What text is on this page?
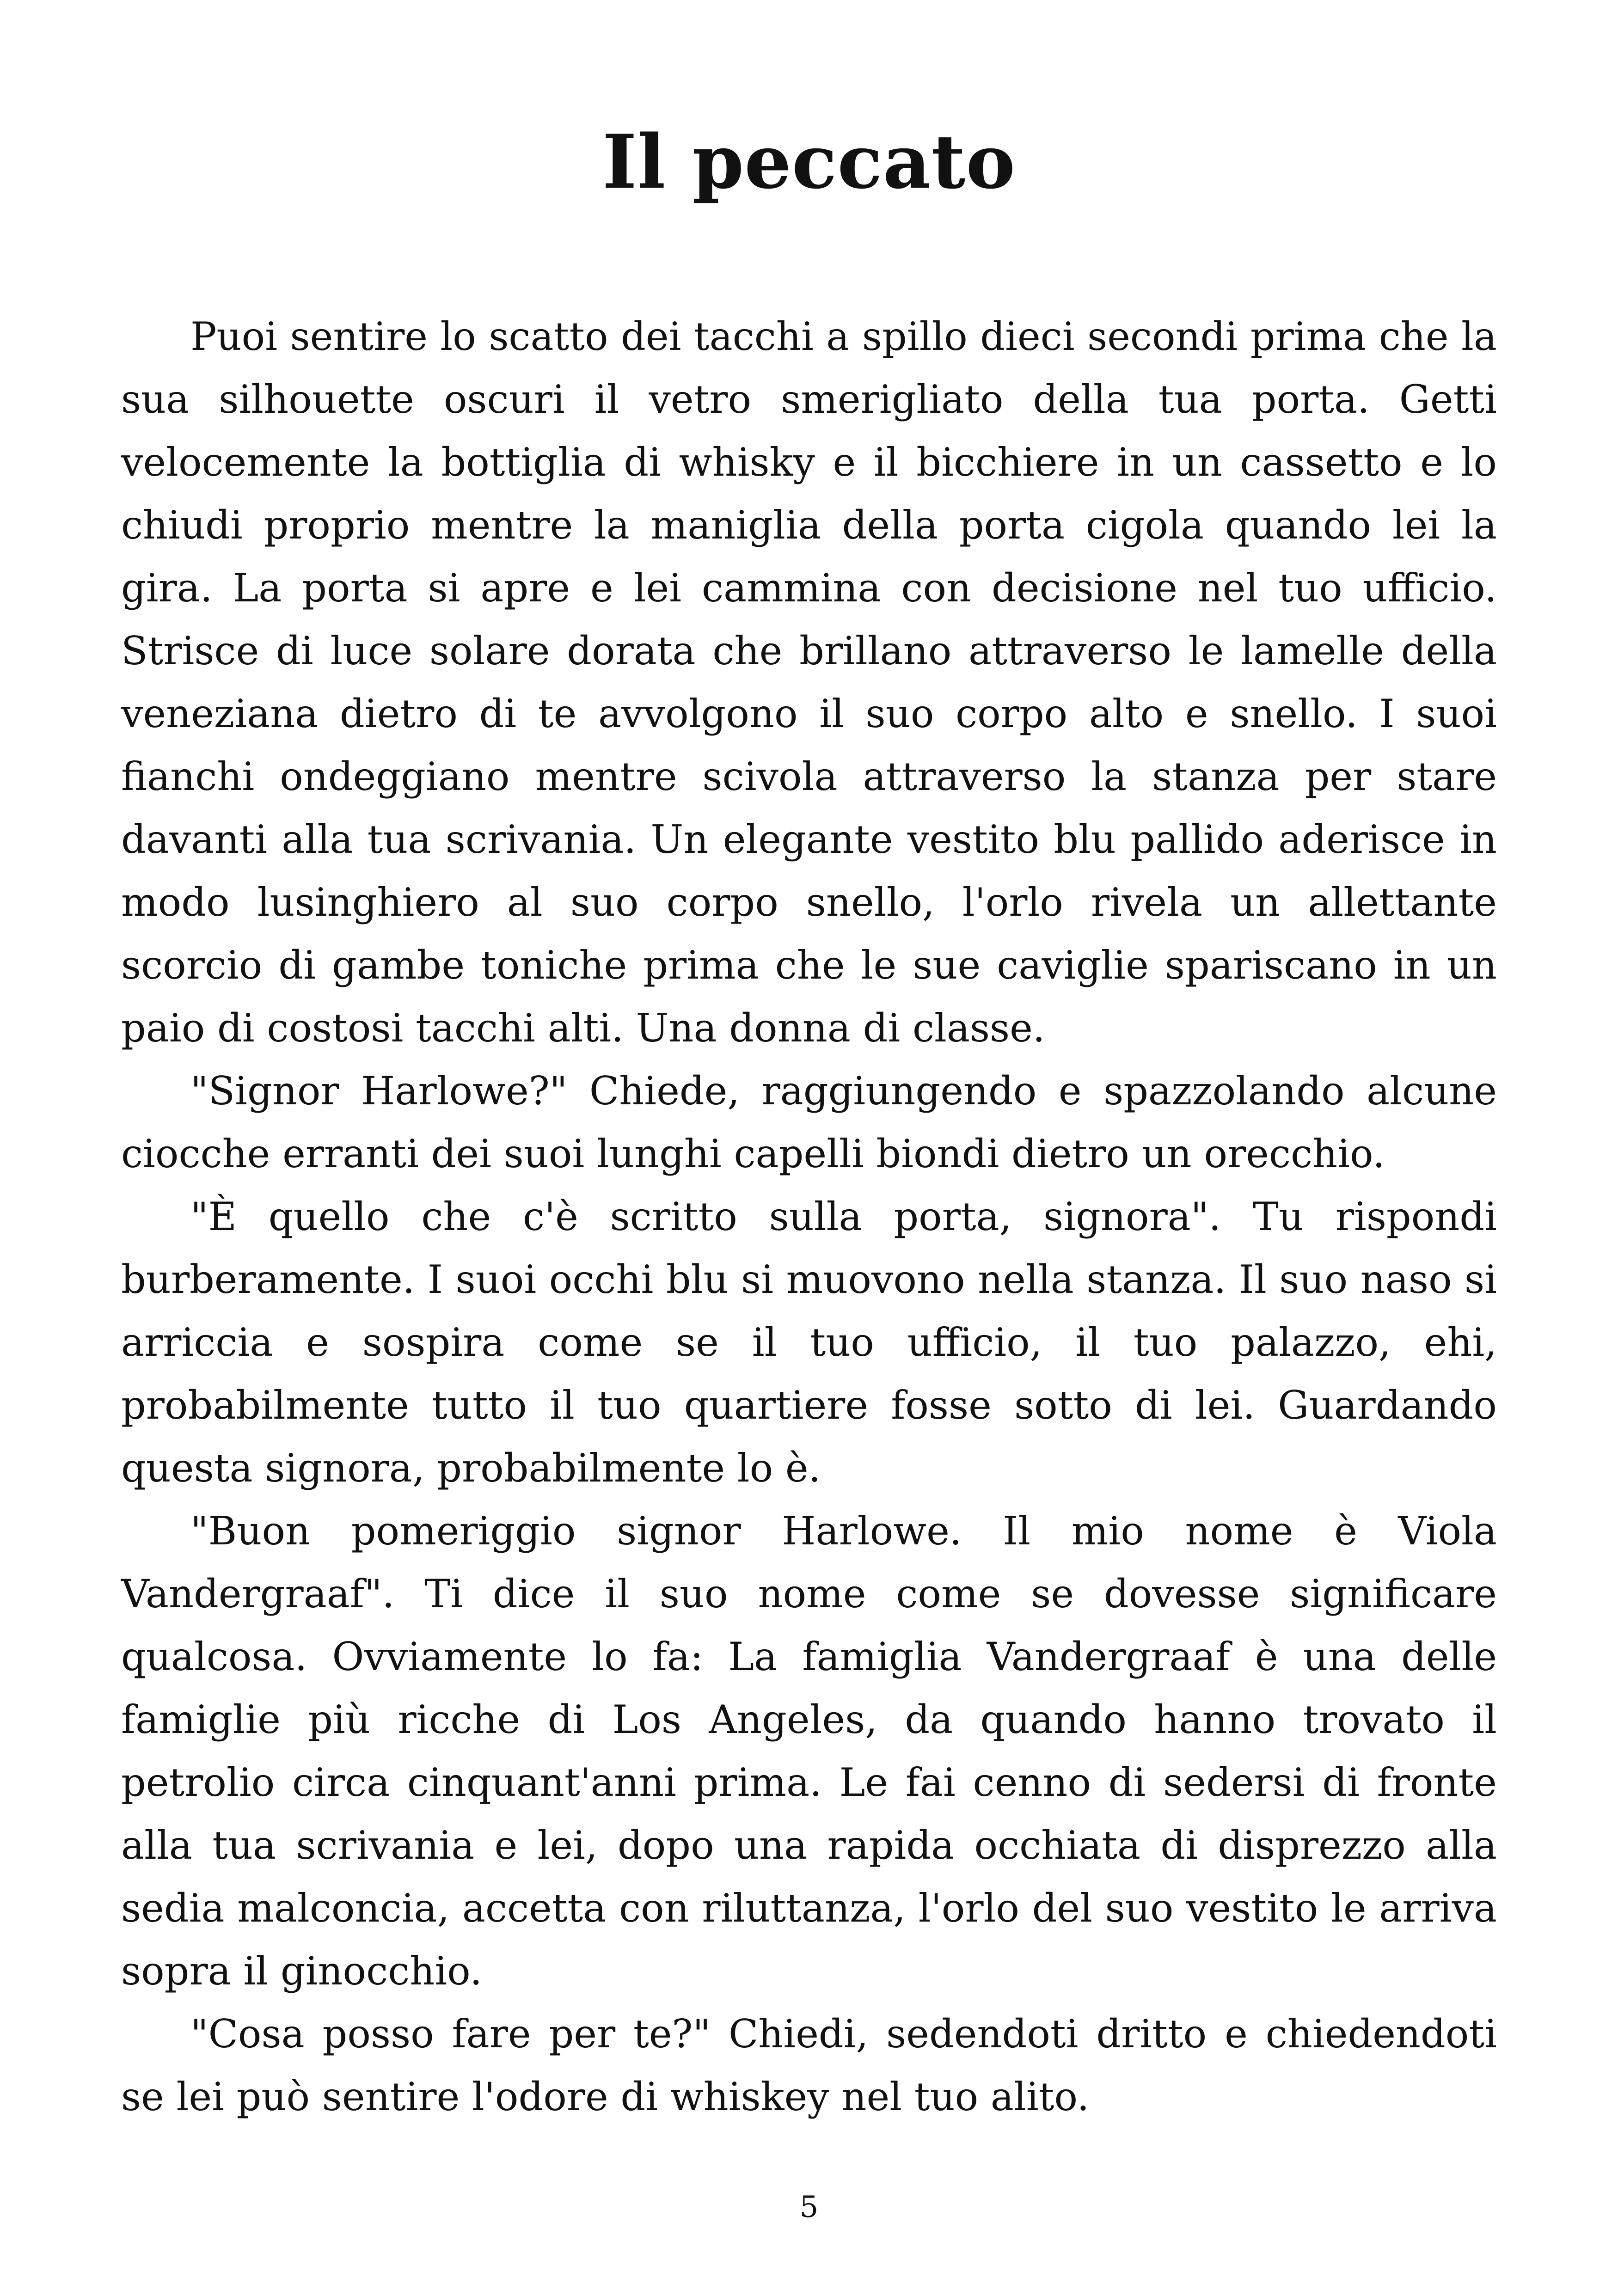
Il peccato

Puoi sentire lo scatto dei tacchi a spillo dieci secondi prima che la sua silhouette oscuri il vetro smerigliato della tua porta. Getti velocemente la bottiglia di whisky e il bicchiere in un cassetto e lo chiudi proprio mentre la maniglia della porta cigola quando lei la gira. La porta si apre e lei cammina con decisione nel tuo ufficio. Strisce di luce solare dorata che brillano attraverso le lamelle della veneziana dietro di te avvolgono il suo corpo alto e snello. I suoi fianchi ondeggiano mentre scivola attraverso la stanza per stare davanti alla tua scrivania. Un elegante vestito blu pallido aderisce in modo lusinghiero al suo corpo snello, l'orlo rivela un allettante scorcio di gambe toniche prima che le sue caviglie spariscano in un paio di costosi tacchi alti. Una donna di classe.

"Signor Harlowe?" Chiede, raggiungendo e spazzolando alcune ciocche erranti dei suoi lunghi capelli biondi dietro un orecchio.

"È quello che c'è scritto sulla porta, signora". Tu rispondi burberamente. I suoi occhi blu si muovono nella stanza. Il suo naso si arriccia e sospira come se il tuo ufficio, il tuo palazzo, ehi, probabilmente tutto il tuo quartiere fosse sotto di lei. Guardando questa signora, probabilmente lo è.

"Buon pomeriggio signor Harlowe. Il mio nome è Viola Vandergraaf". Ti dice il suo nome come se dovesse significare qualcosa. Ovviamente lo fa: La famiglia Vandergraaf è una delle famiglie più ricche di Los Angeles, da quando hanno trovato il petrolio circa cinquant'anni prima. Le fai cenno di sedersi di fronte alla tua scrivania e lei, dopo una rapida occhiata di disprezzo alla sedia malconcia, accetta con riluttanza, l'orlo del suo vestito le arriva sopra il ginocchio.

"Cosa posso fare per te?" Chiedi, sedendoti dritto e chiedendoti se lei può sentire l'odore di whiskey nel tuo alito.

5
